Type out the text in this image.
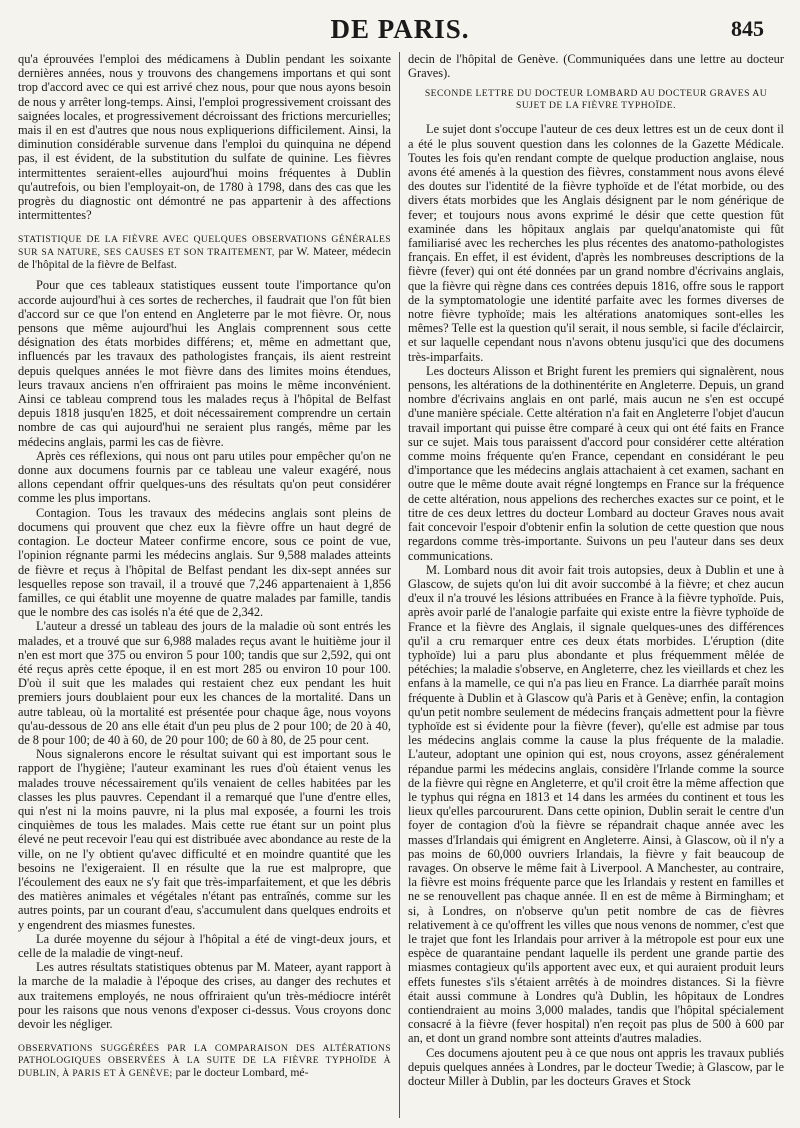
DE PARIS.	845

qu'a éprouvées l'emploi des médicamens à Dublin pendant les soixante dernières années, nous y trouvons des changemens importans et qui sont trop d'accord avec ce qui est arrivé chez nous, pour que nous ayons besoin de nous y arrêter long-temps. Ainsi, l'emploi progressivement croissant des saignées locales, et progressivement décroissant des frictions mercurielles; mais il en est d'autres que nous nous expliquerions difficilement. Ainsi, la diminution considérable survenue dans l'emploi du quinquina ne dépend pas, il est évident, de la substitution du sulfate de quinine. Les fièvres intermittentes seraient-elles aujourd'hui moins fréquentes à Dublin qu'autrefois, ou bien l'employait-on, de 1780 à 1798, dans des cas que les progrès du diagnostic ont démontré ne pas appartenir à des affections intermittentes?

STATISTIQUE DE LA FIÈVRE AVEC QUELQUES OBSERVATIONS GÉNÉRALES SUR SA NATURE, SES CAUSES ET SON TRAITEMENT, par W. Mateer, médecin de l'hôpital de la fièvre de Belfast.

Pour que ces tableaux statistiques eussent toute l'importance qu'on accorde aujourd'hui à ces sortes de recherches, il faudrait que l'on fût bien d'accord sur ce que l'on entend en Angleterre par le mot fièvre. Or, nous pensons que même aujourd'hui les Anglais comprennent sous cette désignation des états morbides différens; et, même en admettant que, influencés par les travaux des pathologistes français, ils aient restreint depuis quelques années le mot fièvre dans des limites moins étendues, leurs travaux anciens n'en offriraient pas moins le même inconvénient. Ainsi ce tableau comprend tous les malades reçus à l'hôpital de Belfast depuis 1818 jusqu'en 1825, et doit nécessairement comprendre un certain nombre de cas qui aujourd'hui ne seraient plus rangés, même par les médecins anglais, parmi les cas de fièvre.

Après ces réflexions, qui nous ont paru utiles pour empêcher qu'on ne donne aux documens fournis par ce tableau une valeur exagéré, nous allons cependant offrir quelques-uns des résultats qu'on peut considérer comme les plus importans.

Contagion. Tous les travaux des médecins anglais sont pleins de documens qui prouvent que chez eux la fièvre offre un haut degré de contagion. Le docteur Mateer confirme encore, sous ce point de vue, l'opinion régnante parmi les médecins anglais. Sur 9,588 malades atteints de fièvre et reçus à l'hôpital de Belfast pendant les dix-sept années sur lesquelles repose son travail, il a trouvé que 7,246 appartenaient à 1,856 familles, ce qui établit une moyenne de quatre malades par famille, tandis que le nombre des cas isolés n'a été que de 2,342.

L'auteur a dressé un tableau des jours de la maladie où sont entrés les malades, et a trouvé que sur 6,988 malades reçus avant le huitième jour il n'en est mort que 375 ou environ 5 pour 100; tandis que sur 2,592, qui ont été reçus après cette époque, il en est mort 285 ou environ 10 pour 100. D'où il suit que les malades qui restaient chez eux pendant les huit premiers jours doublaient pour eux les chances de la mortalité. Dans un autre tableau, où la mortalité est présentée pour chaque âge, nous voyons qu'au-dessous de 20 ans elle était d'un peu plus de 2 pour 100; de 20 à 40, de 8 pour 100; de 40 à 60, de 20 pour 100; de 60 à 80, de 25 pour cent.

Nous signalerons encore le résultat suivant qui est important sous le rapport de l'hygiène; l'auteur examinant les rues d'où étaient venus les malades trouve nécessairement qu'ils venaient de celles habitées par les classes les plus pauvres. Cependant il a remarqué que l'une d'entre elles, qui n'est ni la moins pauvre, ni la plus mal exposée, a fourni les trois cinquièmes de tous les malades. Mais cette rue étant sur un point plus élevé ne peut recevoir l'eau qui est distribuée avec abondance au reste de la ville, on ne l'y obtient qu'avec difficulté et en moindre quantité que les besoins ne l'exigeraient. Il en résulte que la rue est malpropre, que l'écoulement des eaux ne s'y fait que très-imparfaitement, et que les débris des matières animales et végétales n'étant pas entraînés, comme sur les autres points, par un courant d'eau, s'accumulent dans quelques endroits et y engendrent des miasmes funestes.

La durée moyenne du séjour à l'hôpital a été de vingt-deux jours, et celle de la maladie de vingt-neuf.

Les autres résultats statistiques obtenus par M. Mateer, ayant rapport à la marche de la maladie à l'époque des crises, au danger des rechutes et aux traitemens employés, ne nous offriraient qu'un très-médiocre intérêt pour les raisons que nous venons d'exposer ci-dessus. Vous croyons donc devoir les négliger.

OBSERVATIONS SUGGÉRÉES PAR LA COMPARAISON DES ALTÉRATIONS PATHOLOGIQUES OBSERVÉES À LA SUITE DE LA FIÈVRE TYPHOÏDE À DUBLIN, À PARIS ET À GENÈVE; par le docteur Lombard, mé-

decin de l'hôpital de Genève. (Communiquées dans une lettre au docteur Graves).

SECONDE LETTRE DU DOCTEUR LOMBARD AU DOCTEUR GRAVES AU SUJET DE LA FIÈVRE TYPHOÏDE.

Le sujet dont s'occupe l'auteur de ces deux lettres est un de ceux dont il a été le plus souvent question dans les colonnes de la Gazette Médicale. Toutes les fois qu'en rendant compte de quelque production anglaise, nous avons été amenés à la question des fièvres, constamment nous avons élevé des doutes sur l'identité de la fièvre typhoïde et de l'état morbide, ou des divers états morbides que les Anglais désignent par le nom générique de fever; et toujours nous avons exprimé le désir que cette question fût examinée dans les hôpitaux anglais par quelqu'anatomiste qui fût familiarisé avec les recherches les plus récentes des anatomo-pathologistes français. En effet, il est évident, d'après les nombreuses descriptions de la fièvre (fever) qui ont été données par un grand nombre d'écrivains anglais, que la fièvre qui règne dans ces contrées depuis 1816, offre sous le rapport de la symptomatologie une identité parfaite avec les formes diverses de notre fièvre typhoïde; mais les altérations anatomiques sont-elles les mêmes? Telle est la question qu'il serait, il nous semble, si facile d'éclaircir, et sur laquelle cependant nous n'avons obtenu jusqu'ici que des documens très-imparfaits.

Les docteurs Alisson et Bright furent les premiers qui signalèrent, nous pensons, les altérations de la dothinentérite en Angleterre. Depuis, un grand nombre d'écrivains anglais en ont parlé, mais aucun ne s'en est occupé d'une manière spéciale. Cette altération n'a fait en Angleterre l'objet d'aucun travail important qui puisse être comparé à ceux qui ont été faits en France sur ce sujet. Mais tous paraissent d'accord pour considérer cette altération comme moins fréquente qu'en France, cependant en considérant le peu d'importance que les médecins anglais attachaient à cet examen, sachant en outre que le même doute avait régné longtemps en France sur la fréquence de cette altération, nous appelions des recherches exactes sur ce point, et le titre de ces deux lettres du docteur Lombard au docteur Graves nous avait fait concevoir l'espoir d'obtenir enfin la solution de cette question que nous regardons comme très-importante. Suivons un peu l'auteur dans ses deux communications.

M. Lombard nous dit avoir fait trois autopsies, deux à Dublin et une à Glascow, de sujets qu'on lui dit avoir succombé à la fièvre; et chez aucun d'eux il n'a trouvé les lésions attribuées en France à la fièvre typhoïde. Puis, après avoir parlé de l'analogie parfaite qui existe entre la fièvre typhoïde de France et la fièvre des Anglais, il signale quelques-unes des différences qu'il a cru remarquer entre ces deux états morbides. L'éruption (dite typhoïde) lui a paru plus abondante et plus fréquemment mêlée de pétéchies; la maladie s'observe, en Angleterre, chez les vieillards et chez les enfans à la mamelle, ce qui n'a pas lieu en France. La diarrhée paraît moins fréquente à Dublin et à Glascow qu'à Paris et à Genève; enfin, la contagion qu'un petit nombre seulement de médecins français admettent pour la fièvre typhoïde est si évidente pour la fièvre (fever), qu'elle est admise par tous les médecins anglais comme la cause la plus fréquente de la maladie. L'auteur, adoptant une opinion qui est, nous croyons, assez généralement répandue parmi les médecins anglais, considère l'Irlande comme la source de la fièvre qui règne en Angleterre, et qu'il croit être la même affection que le typhus qui régna en 1813 et 14 dans les armées du continent et tous les lieux qu'elles parcoururent. Dans cette opinion, Dublin serait le centre d'un foyer de contagion d'où la fièvre se répandrait chaque année avec les masses d'Irlandais qui émigrent en Angleterre. Ainsi, à Glascow, où il n'y a pas moins de 60,000 ouvriers Irlandais, la fièvre y fait beaucoup de ravages. On observe le même fait à Liverpool. A Manchester, au contraire, la fièvre est moins fréquente parce que les Irlandais y restent en familles et ne se renouvellent pas chaque année. Il en est de même à Birmingham; et si, à Londres, on n'observe qu'un petit nombre de cas de fièvres relativement à ce qu'offrent les villes que nous venons de nommer, c'est que le trajet que font les Irlandais pour arriver à la métropole est pour eux une espèce de quarantaine pendant laquelle ils perdent une grande partie des miasmes contagieux qu'ils apportent avec eux, et qui auraient produit leurs effets funestes s'ils s'étaient arrêtés à de moindres distances. Si la fièvre était aussi commune à Londres qu'à Dublin, les hôpitaux de Londres contiendraient au moins 3,000 malades, tandis que l'hôpital spécialement consacré à la fièvre (fever hospital) n'en reçoit pas plus de 500 à 600 par an, et dont un grand nombre sont atteints d'autres maladies.

Ces documens ajoutent peu à ce que nous ont appris les travaux publiés depuis quelques années à Londres, par le docteur Twedie; à Glascow, par le docteur Miller à Dublin, par les docteurs Graves et Stock
